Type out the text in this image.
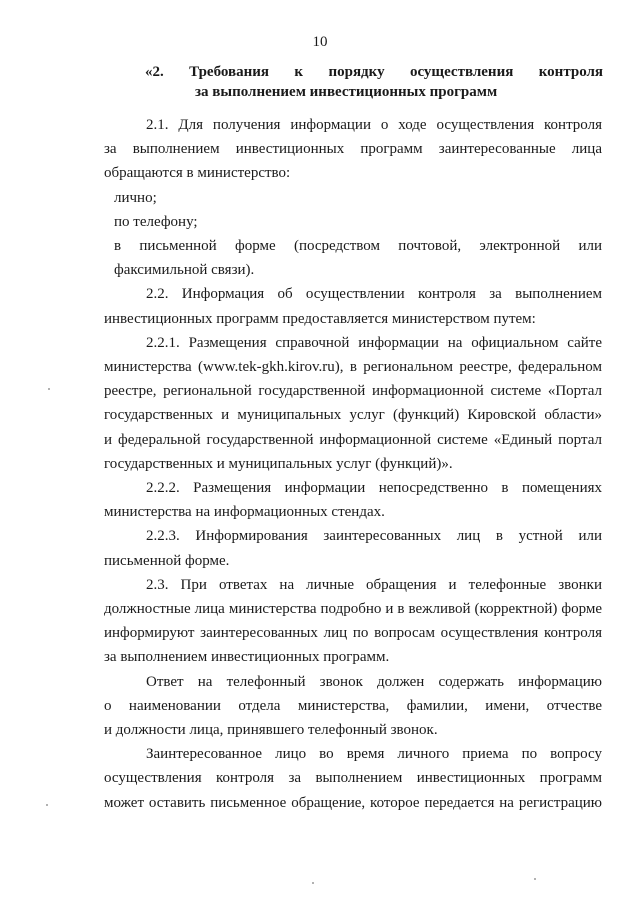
10
«2. Требования к порядку осуществления контроля
за выполнением инвестиционных программ
2.1. Для получения информации о ходе осуществления контроля
за выполнением инвестиционных программ заинтересованные лица
обращаются в министерство:
лично;
по телефону;
в письменной форме (посредством почтовой, электронной или
факсимильной связи).
2.2. Информация об осуществлении контроля за выполнением
инвестиционных программ предоставляется министерством путем:
2.2.1. Размещения справочной информации на официальном сайте
министерства (www.tek-gkh.kirov.ru), в региональном реестре, федеральном
реестре, региональной государственной информационной системе «Портал
государственных и муниципальных услуг (функций) Кировской области»
и федеральной государственной информационной системе «Единый портал
государственных и муниципальных услуг (функций)».
2.2.2. Размещения информации непосредственно в помещениях
министерства на информационных стендах.
2.2.3. Информирования заинтересованных лиц в устной или
письменной форме.
2.3. При ответах на личные обращения и телефонные звонки
должностные лица министерства подробно и в вежливой (корректной) форме
информируют заинтересованных лиц по вопросам осуществления контроля
за выполнением инвестиционных программ.
Ответ на телефонный звонок должен содержать информацию
о наименовании отдела министерства, фамилии, имени, отчестве
и должности лица, принявшего телефонный звонок.
Заинтересованное лицо во время личного приема по вопросу
осуществления контроля за выполнением инвестиционных программ
может оставить письменное обращение, которое передается на регистрацию
